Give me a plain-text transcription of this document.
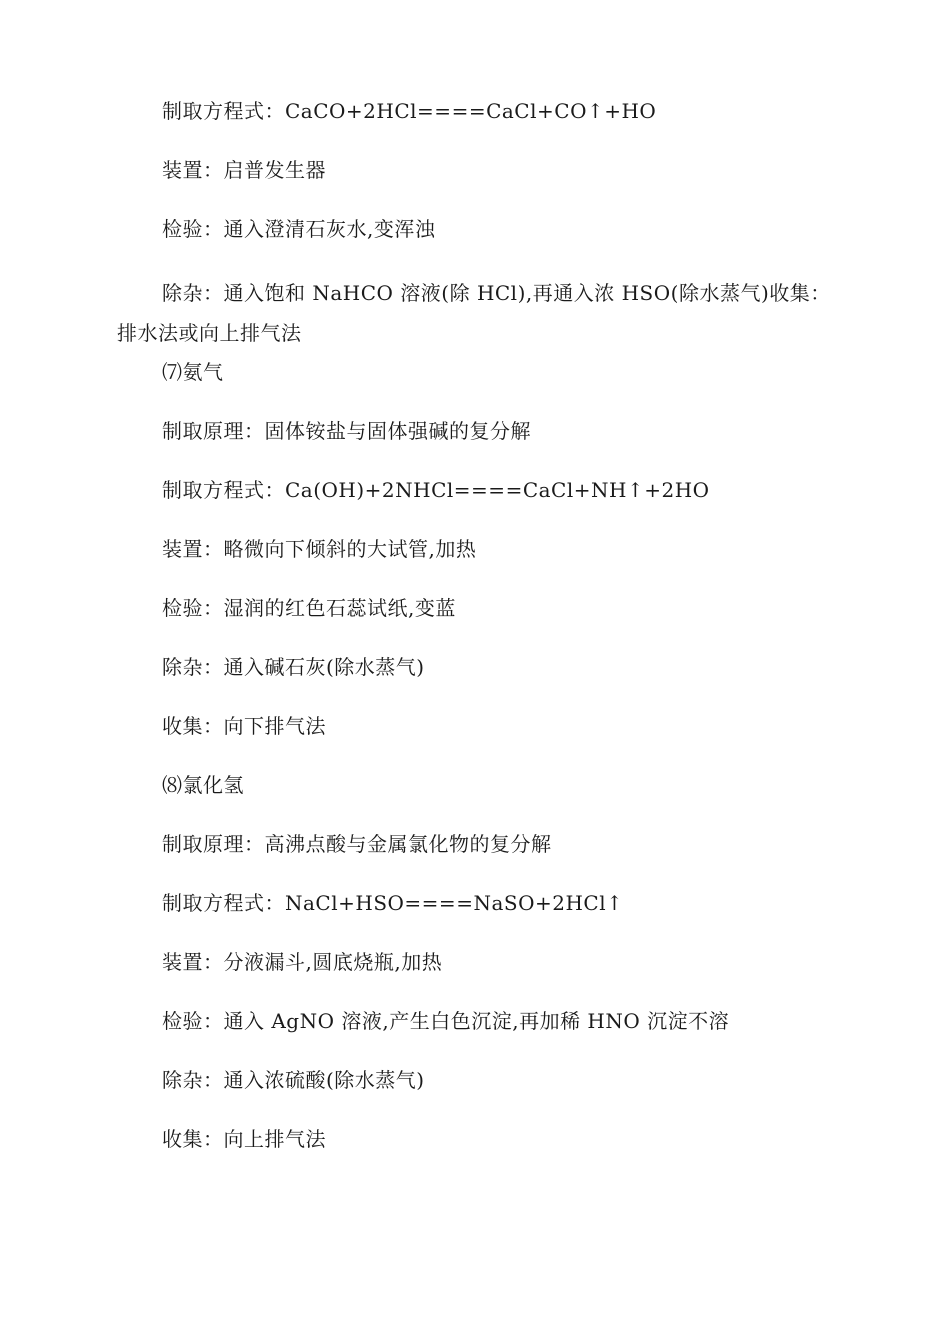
制取方程式：CaCO+2HCl====CaCl+CO↑+HO

装置：启普发生器

检验：通入澄清石灰水,变浑浊

除杂：通入饱和 NaHCO 溶液(除 HCl),再通入浓 HSO(除水蒸气)收集：排水法或向上排气法

⑺氨气

制取原理：固体铵盐与固体强碱的复分解

制取方程式：Ca(OH)+2NHCl====CaCl+NH↑+2HO

装置：略微向下倾斜的大试管,加热

检验：湿润的红色石蕊试纸,变蓝

除杂：通入碱石灰(除水蒸气)

收集：向下排气法

⑻氯化氢

制取原理：高沸点酸与金属氯化物的复分解

制取方程式：NaCl+HSO====NaSO+2HCl↑

装置：分液漏斗,圆底烧瓶,加热

检验：通入 AgNO 溶液,产生白色沉淀,再加稀 HNO 沉淀不溶

除杂：通入浓硫酸(除水蒸气)

收集：向上排气法
